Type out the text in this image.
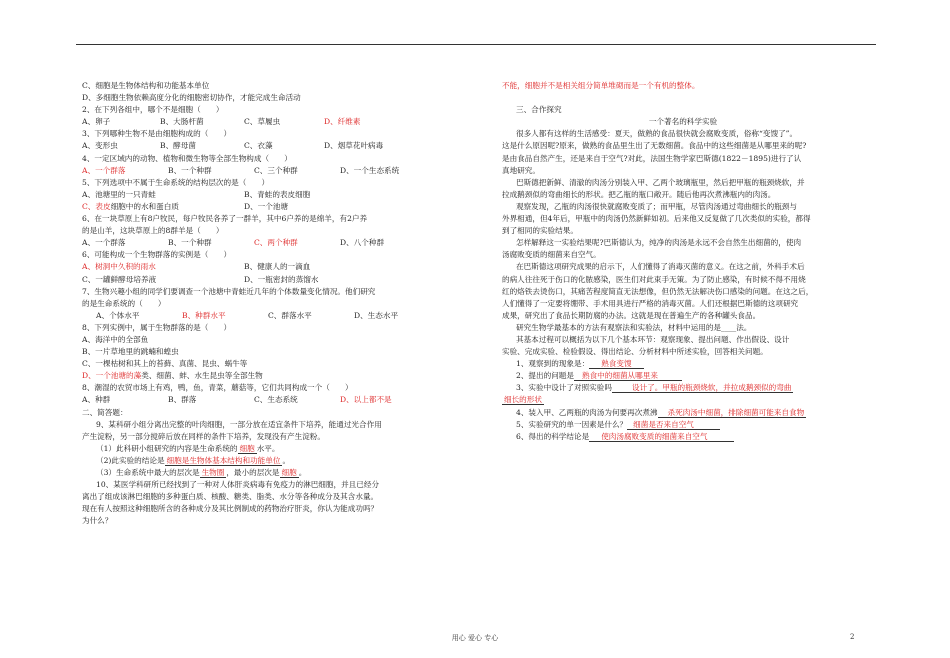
C、细胞是生物体结构和功能基本单位

D、多细胞生物依赖高度分化的细胞密切协作，才能完成生命活动

2、在下列各组中，哪个不是细胞（　　）

A、卵子	B、大肠杆菌	C、草履虫	D、纤维素

3、下列哪种生物不是由细胞构成的（　　）

A、变形虫	B、酵母菌	C、衣藻	D、烟草花叶病毒

4、一定区域内的动物、植物和微生物等全部生物构成（　　）

A、一个群落	B、一个种群	C、三个种群	D、一个生态系统

5、下列选项中不属于生命系统的结构层次的是（　　）

A、池塘里的一只青蛙	B、青蛙的表皮细胞

C、表皮细胞中的水和蛋白质	D、一个池塘

6、在一块草原上有8户牧民，每户牧民各养了一群羊，其中6户养的是绵羊，有2户养

的是山羊，这块草原上的8群羊是（　　）

A、一个群落	B、一个种群	C、两个种群	D、八个种群

6、可能构成一个生物群落的实例是（　　）

A、树洞中久积的雨水	B、健康人的一滴血

C、一罐鲜酵母培养液	D、一瓶密封的蒸馏水

7、生物兴趣小组的同学们要调查一个池塘中青蛙近几年的个体数量变化情况。他们研究

的是生命系统的（　　）

A、个体水平	B、种群水平	C、群落水平	D、生态水平

8、下列实例中，属于生物群落的是（　　）

A、海洋中的全部鱼

B、一片草地里的跳蝻和蝗虫

C、一棵枯树和其上的苔藓、真菌、昆虫、蜗牛等

D、一个池塘的藻类、细菌、蚌、水生昆虫等全部生物

8、潮湿的农贸市场上有鸡，鸭，鱼，青菜，蘑菇等，它们共同构成一个（　　）

A、种群	B、群落	C、生态系统	D、以上都不是

二、简答题：

9、某科研小组分离出完整的叶肉细胞，一部分放在适宜条件下培养，能通过光合作用

产生淀粉，另一部分搅碎后放在同样的条件下培养，发现没有产生淀粉。

（1）此科研小组研究的内容是生命系统的 细胞 水平。

（2)此实验的结论是 细胞是生物体基本结构和功能单位 。

（3）生命系统中最大的层次是 生物圈 ，最小的层次是 细胞 。

10、某医学科研所已经找到了一种对人体肝炎病毒有免疫力的淋巴细胞，并且已经分

离出了组成该淋巴细胞的多种蛋白质、核酸、糖类、脂类、水分等各种成分及其含水量。

现在有人按照这种细胞所含的各种成分及其比例制成的药物治疗肝炎，你认为能成功吗？

为什么？

不能，细胞并不是相关组分简单堆砌而是一个有机的整体。

三、合作探究

一个著名的科学实验

很多人都有这样的生活感受：夏天，做熟的食品很快就会腐败变质，俗称“变馊了”。

这是什么原因呢?原来，做熟的食品里生出了无数细菌。食品中的这些细菌是从哪里来的呢?

是由食品自然产生，还是来自于空气?对此，法国生物学家巴斯德(1822－1895)进行了认

真地研究。

巴斯德把新鲜、清澈的肉汤分别装入甲、乙两个玻璃瓶里，然后把甲瓶的瓶颈烧软，并

拉成鹅颈似的弯曲细长的形状。把乙瓶的瓶口敞开。随后他再次煮沸瓶内的肉汤。

观察发现，乙瓶的肉汤很快就腐败变质了；而甲瓶，尽管肉汤通过弯曲细长的瓶颈与

外界相通，但4年后，甲瓶中的肉汤仍然新鲜如初。后来他又反复做了几次类似的实验，都得

到了相同的实验结果。

怎样解释这一实验结果呢?巴斯德认为，纯净的肉汤是永远不会自然生出细菌的，使肉

汤腐败变质的细菌来自空气。

在巴斯德这项研究成果的启示下，人们懂得了消毒灭菌的意义。在这之前，外科手术后

的病人往往死于伤口的化脓感染，医生们对此束手无策。为了防止感染，有时候不得不用烧

红的烙铁去烫伤口，其痛苦程度简直无法想像，但仍然无法解决伤口感染的问题。在这之后，

人们懂得了一定要将绷带、手术用具进行严格的消毒灭菌。人们还根据巴斯德的这项研究

成果，研究出了食品长期防腐的办法。这就是现在普遍生产的各种罐头食品。

研究生物学最基本的方法有观察法和实验法，材料中运用的是____法。

其基本过程可以概括为以下几个基本环节：观察现象、提出问题、作出假设、设计

实验、完成实验、检验假设、得出结论、分析材料中所述实验，回答相关问题。

1、观察到的现象是： 熟食变馊

2、提出的问题是 熟食中的细菌从哪里来

3、实验中设计了对照实验吗	设计了。甲瓶的瓶颈烧软，并拉成鹅颈似的弯曲

细长的形状

4、装入甲、乙两瓶的肉汤为何要再次煮沸 杀死肉汤中细菌，排除细菌可能来自食物

5、实验研究的单一因素是什么？ 细菌是否来自空气

6、得出的科学结论是 使肉汤腐败变质的细菌来自空气

用心 爱心 专心	2
